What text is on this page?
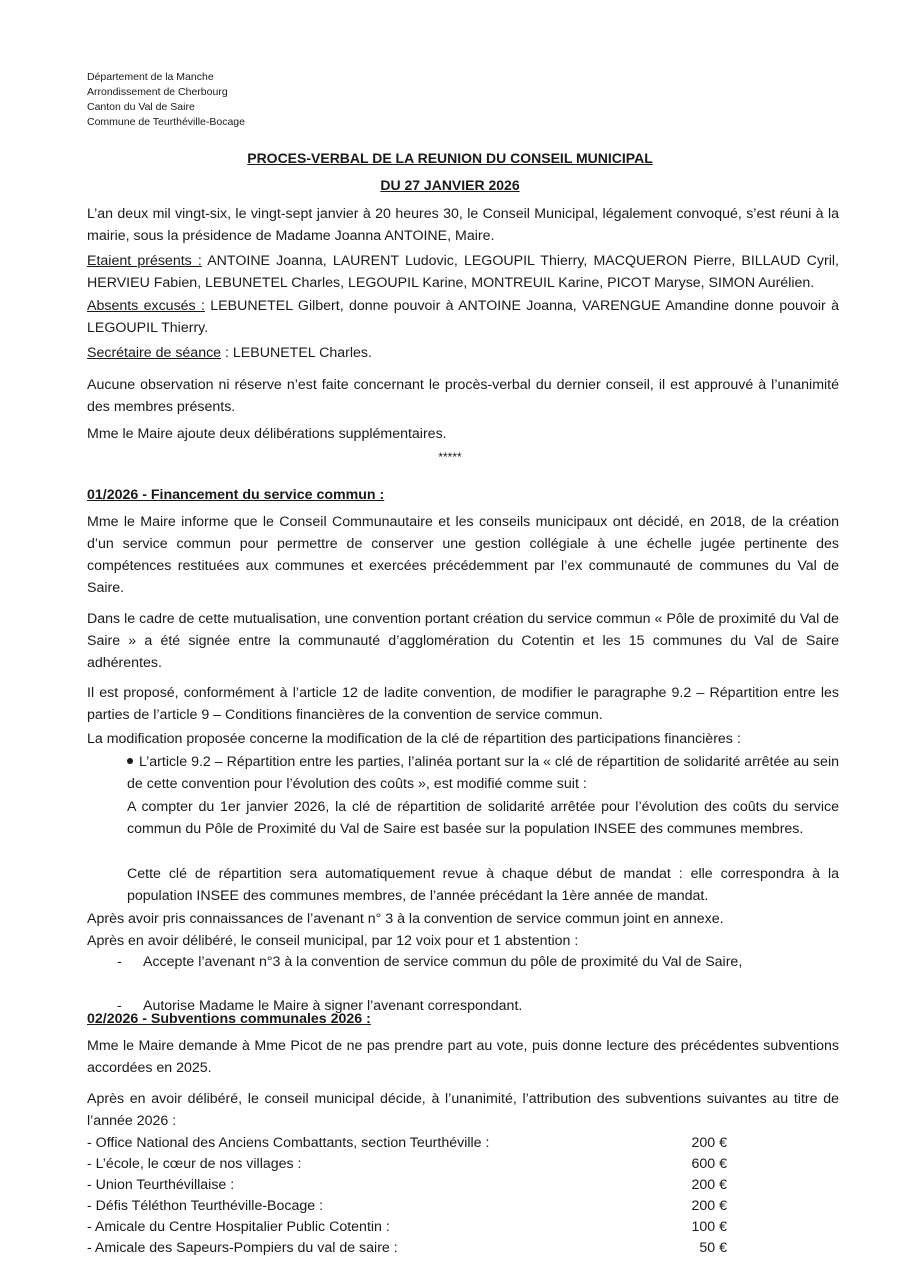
Département de la Manche
Arrondissement de Cherbourg
Canton du Val de Saire
Commune de Teurthéville-Bocage
PROCES-VERBAL DE LA REUNION DU CONSEIL MUNICIPAL
DU 27 JANVIER 2026
L’an deux mil vingt-six, le vingt-sept janvier à 20 heures 30, le Conseil Municipal, légalement convoqué, s’est réuni à la mairie, sous la présidence de Madame Joanna ANTOINE, Maire.
Etaient présents : ANTOINE Joanna, LAURENT Ludovic, LEGOUPIL Thierry, MACQUERON Pierre, BILLAUD Cyril, HERVIEU Fabien, LEBUNETEL Charles, LEGOUPIL Karine, MONTREUIL Karine, PICOT Maryse, SIMON Aurélien.
Absents excusés : LEBUNETEL Gilbert, donne pouvoir à ANTOINE Joanna, VARENGUE Amandine donne pouvoir à LEGOUPIL Thierry.
Secrétaire de séance : LEBUNETEL Charles.
Aucune observation ni réserve n’est faite concernant le procès-verbal du dernier conseil, il est approuvé à l’unanimité des membres présents.
Mme le Maire ajoute deux délibérations supplémentaires.
*****
01/2026 - Financement du service commun :
Mme le Maire informe que le Conseil Communautaire et les conseils municipaux ont décidé, en 2018, de la création d’un service commun pour permettre de conserver une gestion collégiale à une échelle jugée pertinente des compétences restituées aux communes et exercées précédemment par l’ex communauté de communes du Val de Saire.
Dans le cadre de cette mutualisation, une convention portant création du service commun « Pôle de proximité du Val de Saire » a été signée entre la communauté d’agglomération du Cotentin et les 15 communes du Val de Saire adhérentes.
Il est proposé, conformément à l’article 12 de ladite convention, de modifier le paragraphe 9.2 – Répartition entre les parties de l’article 9 – Conditions financières de la convention de service commun.
La modification proposée concerne la modification de la clé de répartition des participations financières :
L’article 9.2 – Répartition entre les parties, l’alinéa portant sur la « clé de répartition de solidarité arrêtée au sein de cette convention pour l’évolution des coûts », est modifié comme suit :
A compter du 1er janvier 2026, la clé de répartition de solidarité arrêtée pour l’évolution des coûts du service commun du Pôle de Proximité du Val de Saire est basée sur la population INSEE des communes membres.
Cette clé de répartition sera automatiquement revue à chaque début de mandat : elle correspondra à la population INSEE des communes membres, de l’année précédant la 1ère année de mandat.
Après avoir pris connaissances de l’avenant n° 3 à la convention de service commun joint en annexe.
Après en avoir délibéré, le conseil municipal, par 12 voix pour et 1 abstention :
- Accepte l’avenant n°3 à la convention de service commun du pôle de proximité du Val de Saire,
- Autorise Madame le Maire à signer l’avenant correspondant.
02/2026 - Subventions communales 2026 :
Mme le Maire demande à Mme Picot de ne pas prendre part au vote, puis donne lecture des précédentes subventions accordées en 2025.
Après en avoir délibéré, le conseil municipal décide, à l’unanimité, l’attribution des subventions suivantes au titre de l’année 2026 :
- Office National des Anciens Combattants, section Teurthéville :	200 €
- L’école, le cœur de nos villages :	600 €
- Union Teurthévillaise :	200 €
- Défis Téléthon Teurthéville-Bocage :	200 €
- Amicale du Centre Hospitalier Public Cotentin :	100 €
- Amicale des Sapeurs-Pompiers du val de saire :	50 €
